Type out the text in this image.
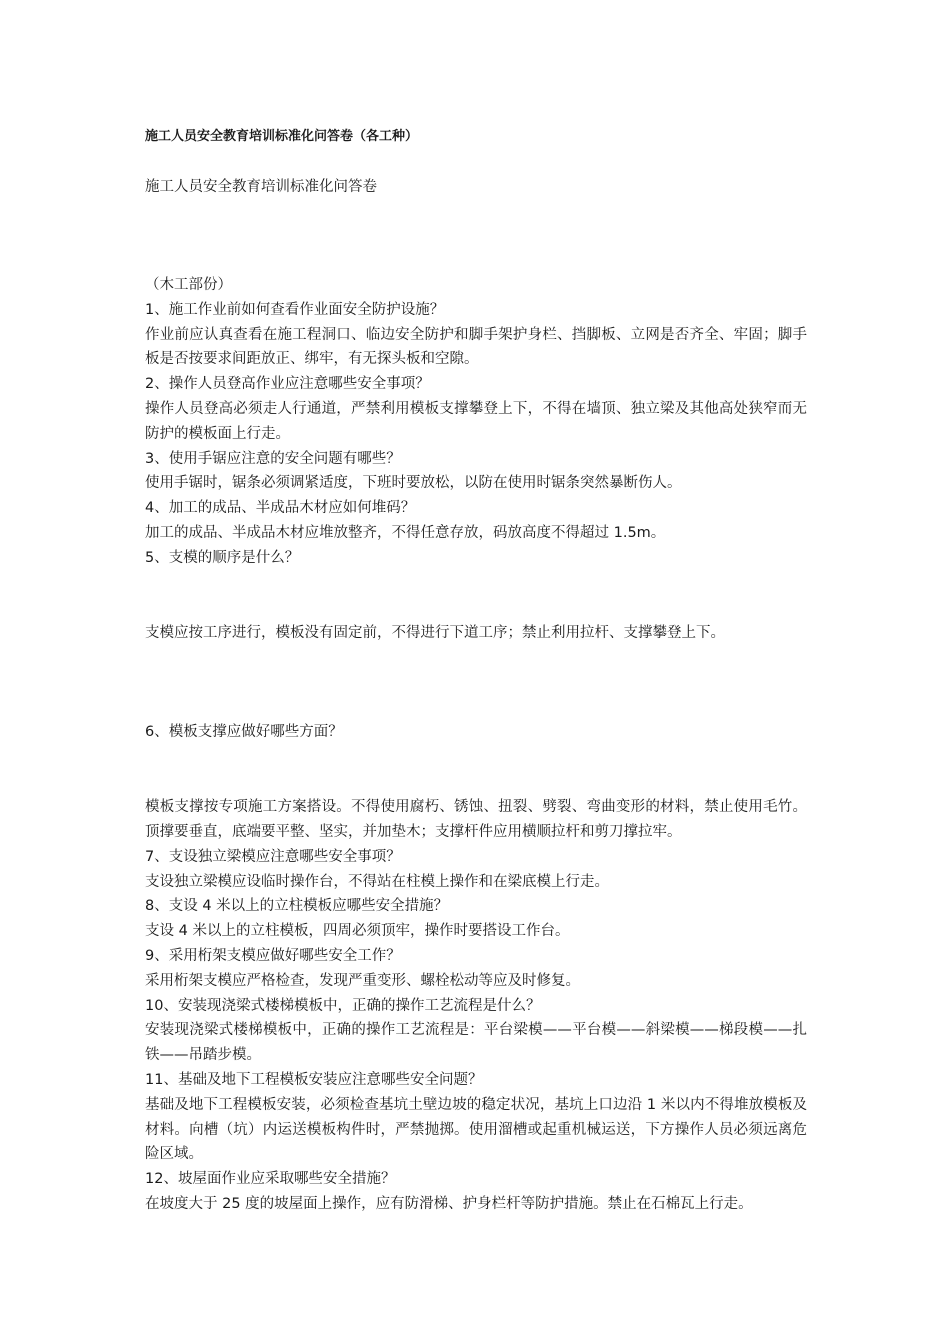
施工人员安全教育培训标准化问答卷（各工种）
施工人员安全教育培训标准化问答卷

（木工部份）

1、施工作业前如何查看作业面安全防护设施？

作业前应认真查看在施工程洞口、临边安全防护和脚手架护身栏、挡脚板、立网是否齐全、牢固；脚手板是否按要求间距放正、绑牢，有无探头板和空隙。

2、操作人员登高作业应注意哪些安全事项？

操作人员登高必须走人行通道，严禁利用模板支撑攀登上下，不得在墙顶、独立梁及其他高处狭窄而无防护的模板面上行走。

3、使用手锯应注意的安全问题有哪些？

使用手锯时，锯条必须调紧适度，下班时要放松，以防在使用时锯条突然暴断伤人。

4、加工的成品、半成品木材应如何堆码？

加工的成品、半成品木材应堆放整齐，不得任意存放，码放高度不得超过 1.5m。

5、支模的顺序是什么？

支模应按工序进行，模板没有固定前，不得进行下道工序；禁止利用拉杆、支撑攀登上下。

6、模板支撑应做好哪些方面？

模板支撑按专项施工方案搭设。不得使用腐朽、锈蚀、扭裂、劈裂、弯曲变形的材料，禁止使用毛竹。顶撑要垂直，底端要平整、坚实，并加垫木；支撑杆件应用横顺拉杆和剪刀撑拉牢。

7、支设独立梁模应注意哪些安全事项？

支设独立梁模应设临时操作台，不得站在柱模上操作和在梁底模上行走。

8、支设 4 米以上的立柱模板应哪些安全措施？

支设 4 米以上的立柱模板，四周必须顶牢，操作时要搭设工作台。

9、采用桁架支模应做好哪些安全工作？

采用桁架支模应严格检查，发现严重变形、螺栓松动等应及时修复。

10、安装现浇梁式楼梯模板中，正确的操作工艺流程是什么？

安装现浇梁式楼梯模板中，正确的操作工艺流程是：平台梁模——平台模——斜梁模——梯段模——扎铁——吊踏步模。

11、基础及地下工程模板安装应注意哪些安全问题？

基础及地下工程模板安装，必须检查基坑土壁边坡的稳定状况，基坑上口边沿 1 米以内不得堆放模板及材料。向槽（坑）内运送模板构件时，严禁抛掷。使用溜槽或起重机械运送，下方操作人员必须远离危险区域。

12、坡屋面作业应采取哪些安全措施？

在坡度大于 25 度的坡屋面上操作，应有防滑梯、护身栏杆等防护措施。禁止在石棉瓦上行走。
